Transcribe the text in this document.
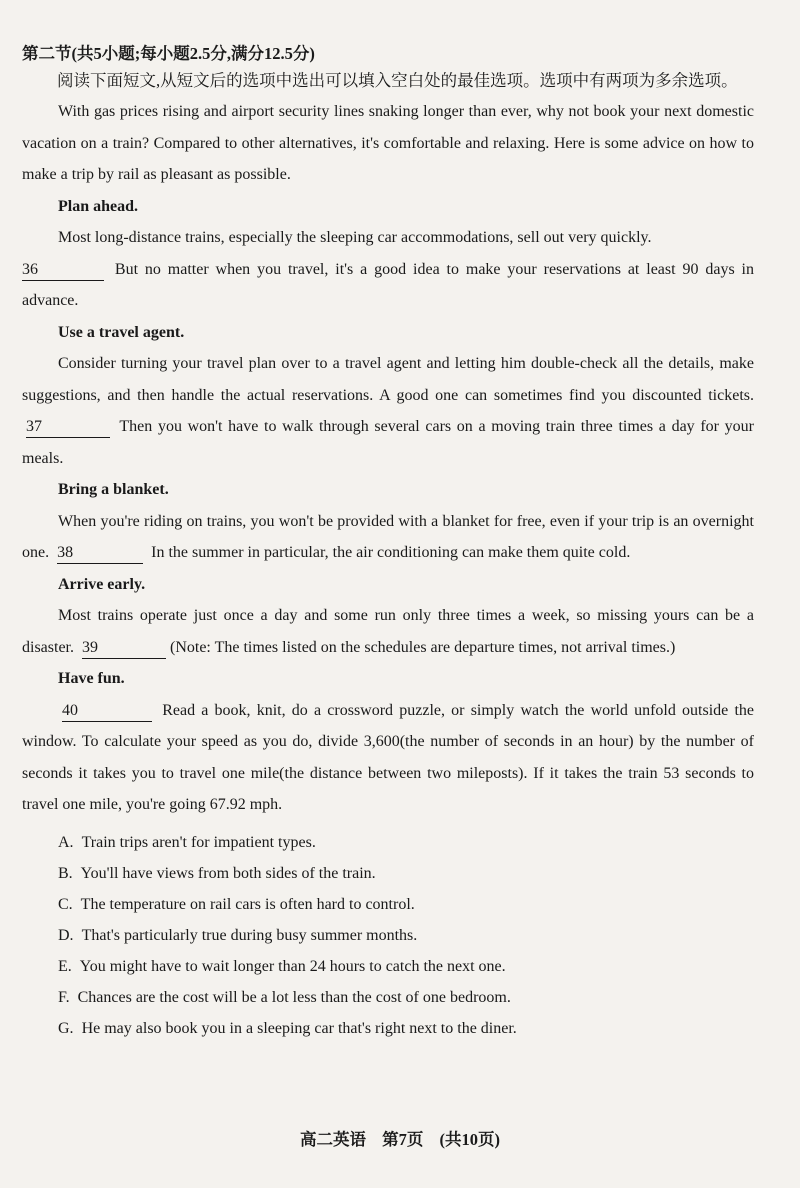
第二节(共5小题;每小题2.5分,满分12.5分)

阅读下面短文,从短文后的选项中选出可以填入空白处的最佳选项。选项中有两项为多余选项。

With gas prices rising and airport security lines snaking longer than ever, why not book your next domestic vacation on a train? Compared to other alternatives, it's comfortable and relaxing. Here is some advice on how to make a trip by rail as pleasant as possible.

Plan ahead.

Most long-distance trains, especially the sleeping car accommodations, sell out very quickly.
36	But no matter when you travel, it's a good idea to make your reservations at least 90 days in advance.

Use a travel agent.

Consider turning your travel plan over to a travel agent and letting him double-check all the details, make suggestions, and then handle the actual reservations. A good one can sometimes find you discounted tickets. 37	Then you won't have to walk through several cars on a moving train three times a day for your meals.

Bring a blanket.

When you're riding on trains, you won't be provided with a blanket for free, even if your trip is an overnight one. 38	In the summer in particular, the air conditioning can make them quite cold.

Arrive early.

Most trains operate just once a day and some run only three times a week, so missing yours can be a disaster. 39	(Note: The times listed on the schedules are departure times, not arrival times.)

Have fun.

40	Read a book, knit, do a crossword puzzle, or simply watch the world unfold outside the window. To calculate your speed as you do, divide 3,600(the number of seconds in an hour) by the number of seconds it takes you to travel one mile(the distance between two mileposts). If it takes the train 53 seconds to travel one mile, you're going 67.92 mph.

A. Train trips aren't for impatient types.
B. You'll have views from both sides of the train.
C. The temperature on rail cars is often hard to control.
D. That's particularly true during busy summer months.
E. You might have to wait longer than 24 hours to catch the next one.
F. Chances are the cost will be a lot less than the cost of one bedroom.
G. He may also book you in a sleeping car that's right next to the diner.
高二英语 第7页 (共10页)
